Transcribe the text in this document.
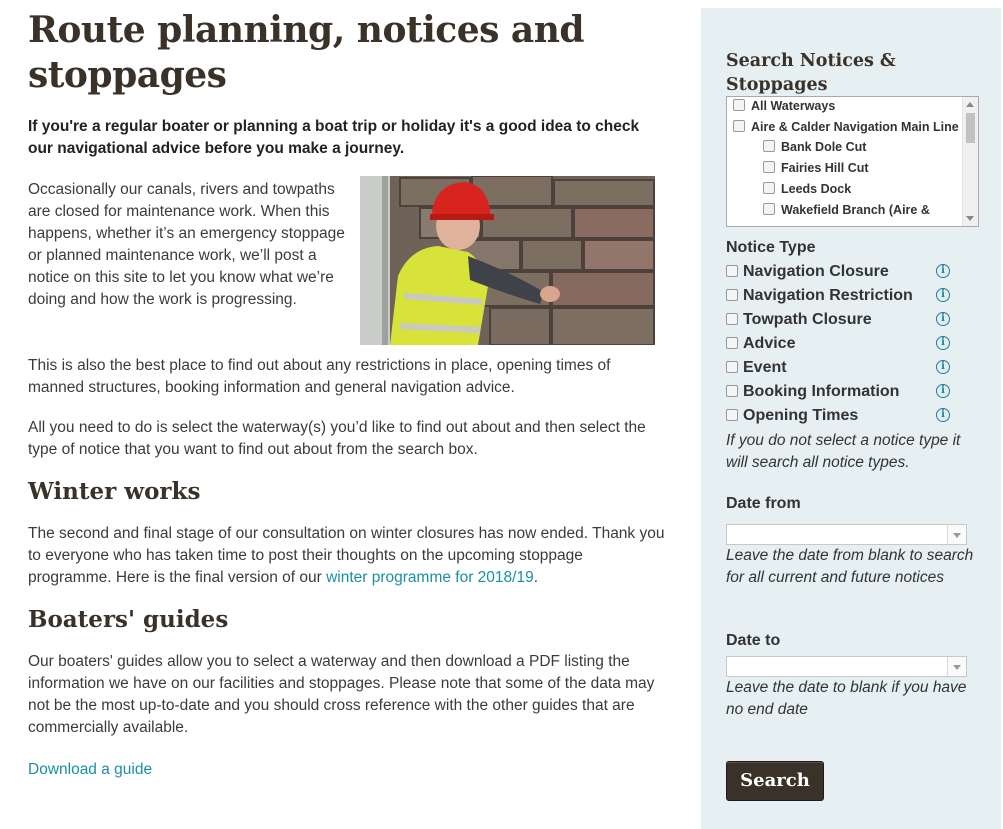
Route planning, notices and stoppages

If you're a regular boater or planning a boat trip or holiday it's a good idea to check our navigational advice before you make a journey.

Occasionally our canals, rivers and towpaths are closed for maintenance work. When this happens, whether it’s an emergency stoppage or planned maintenance work, we’ll post a notice on this site to let you know what we’re doing and how the work is progressing.

This is also the best place to find out about any restrictions in place, opening times of manned structures, booking information and general navigation advice.

All you need to do is select the waterway(s) you’d like to find out about and then select the type of notice that you want to find out about from the search box.

Winter works

The second and final stage of our consultation on winter closures has now ended. Thank you to everyone who has taken time to post their thoughts on the upcoming stoppage programme. Here is the final version of our winter programme for 2018/19.

Boaters' guides

Our boaters' guides allow you to select a waterway and then download a PDF listing the information we have on our facilities and stoppages. Please note that some of the data may not be the most up-to-date and you should cross reference with the other guides that are commercially available.

Download a guide

Search Notices & Stoppages
All Waterways
Aire & Calder Navigation Main Line
Bank Dole Cut
Fairies Hill Cut
Leeds Dock
Wakefield Branch (Aire &
Notice Type
Navigation Closure	i
Navigation Restriction	i
Towpath Closure	i
Advice	i
Event	i
Booking Information	i
Opening Times	i
If you do not select a notice type it will search all notice types.
Date from
Leave the date from blank to search for all current and future notices
Date to
Leave the date to blank if you have no end date
Search
